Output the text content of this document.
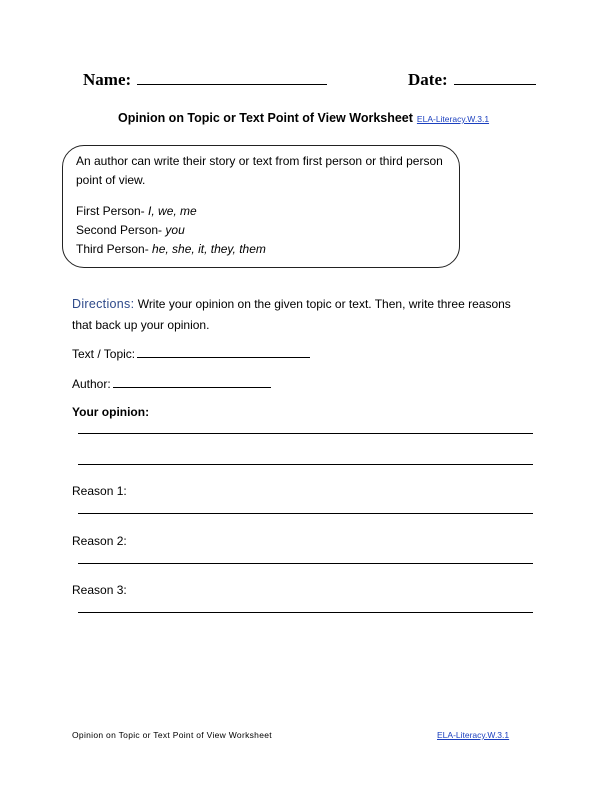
Name:	Date:
Opinion on Topic or Text Point of View Worksheet ELA-Literacy.W.3.1
An author can write their story or text from first person or third person point of view.
First Person- I, we, me
Second Person- you
Third Person- he, she, it, they, them
Directions: Write your opinion on the given topic or text. Then, write three reasons that back up your opinion.
Text / Topic:
Author:
Your opinion:
Reason 1:
Reason 2:
Reason 3:
Opinion on Topic or Text Point of View Worksheet	ELA-Literacy.W.3.1
